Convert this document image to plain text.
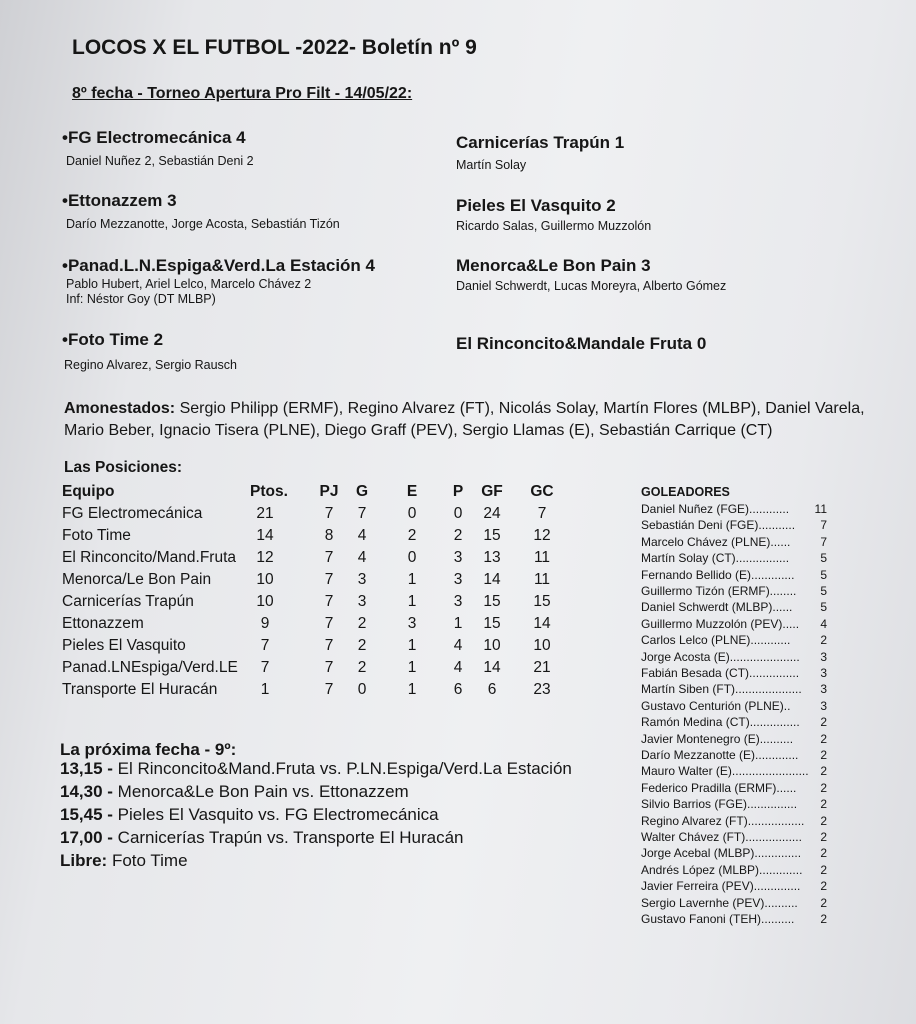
LOCOS X EL FUTBOL -2022- Boletín nº 9
8º fecha - Torneo Apertura Pro Filt - 14/05/22:
•FG Electromecánica 4
Daniel Nuñez 2, Sebastián Deni 2
Carnicerías Trapún 1
Martín Solay
•Ettonazzem 3
Darío Mezzanotte, Jorge Acosta, Sebastián Tizón
Pieles El Vasquito 2
Ricardo Salas, Guillermo Muzzolón
•Panad.L.N.Espiga&Verd.La Estación 4
Pablo Hubert, Ariel Lelco, Marcelo Chávez 2
Inf: Néstor Goy (DT MLBP)
Menorca&Le Bon Pain 3
Daniel Schwerdt, Lucas Moreyra, Alberto Gómez
•Foto Time 2
Regino Alvarez, Sergio Rausch
El Rinconcito&Mandale Fruta 0
Amonestados: Sergio Philipp (ERMF), Regino Alvarez (FT), Nicolás Solay, Martín Flores (MLBP), Daniel Varela, Mario Beber, Ignacio Tisera (PLNE), Diego Graff (PEV), Sergio Llamas (E), Sebastián Carrique (CT)
Las Posiciones:
Equipo	Ptos.	PJ	G	E	P	GF GC
FG Electromecánica	21	7	7	0	0	24	7
Foto Time	14	8	4	2	2	15	12
El Rinconcito/Mand.Fruta	12	7	4	0	3	13	11
Menorca/Le Bon Pain	10	7	3	1	3	14	11
Carnicerías Trapún	10	7	3	1	3	15	15
Ettonazzem	9	7	2	3	1	15	14
Pieles El Vasquito	7	7	2	1	4	10	10
Panad.LNEspiga/Verd.LE	7	7	2	1	4	14	21
Transporte El Huracán	1	7	0	1	6	6	23
La próxima fecha - 9º:
13,15 - El Rinconcito&Mand.Fruta vs. P.LN.Espiga/Verd.La Estación
14,30 - Menorca&Le Bon Pain vs. Ettonazzem
15,45 - Pieles El Vasquito vs. FG Electromecánica
17,00 - Carnicerías Trapún vs. Transporte El Huracán
Libre: Foto Time
GOLEADORES
Daniel Nuñez (FGE)............ 11
Sebastián Deni (FGE)........... 7
Marcelo Chávez (PLNE)...... 7
Martín Solay (CT)................	5
Fernando Bellido (E)............. 5
Guillermo Tizón (ERMF)........ 5
Daniel Schwerdt (MLBP)...... 5
Guillermo Muzzolón (PEV)..... 4
Carlos Lelco (PLNE)............ 2
Jorge Acosta (E)..................... 3
Fabián Besada (CT)............... 3
Martín Siben (FT).................... 3
Gustavo Centurión (PLNE).. 3
Ramón Medina (CT)............... 2
Javier Montenegro (E).......... 2
Darío Mezzanotte (E)............. 2
Mauro Walter (E)....................... 2
Federico Pradilla (ERMF)...... 2
Silvio Barrios (FGE)............... 2
Regino Alvarez (FT)................. 2
Walter Chávez (FT)................. 2
Jorge Acebal (MLBP).............. 2
Andrés López (MLBP)............. 2
Javier Ferreira (PEV).............. 2
Sergio Lavernhe (PEV).......... 2
Gustavo Fanoni (TEH).......... 2
